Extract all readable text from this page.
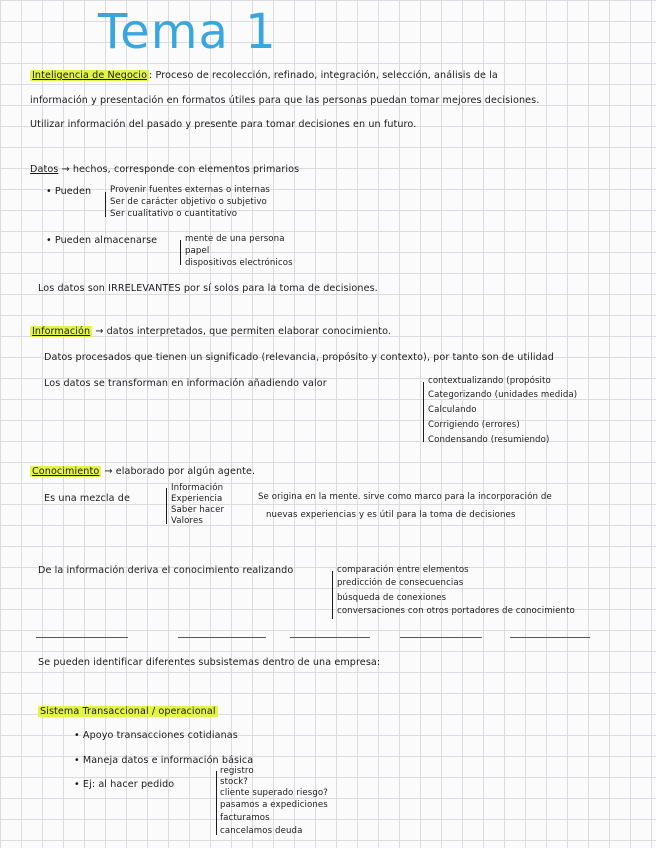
Tema 1
Inteligencia de Negocio : Proceso de recolección, refinado, integración, selección, análisis de la
información y presentación en formatos útiles para que las personas puedan tomar mejores decisiones.
Utilizar información del pasado y presente para tomar decisiones en un futuro.
Datos → hechos, corresponde con elementos primarios
• Pueden Provenir fuentes externas o internas
Ser de carácter objetivo o subjetivo
Ser cualitativo o cuantitativo
• Pueden almacenarse	mente de una persona
papel
dispositivos electrónicos
Los datos son IRRELEVANTES por sí solos para la toma de decisiones.
Información → datos interpretados, que permiten elaborar conocimiento.
Datos procesados que tienen un significado (relevancia, propósito y contexto), por tanto son de utilidad
Los datos se transforman en información añadiendo valor	contextualizando (propósito
Categorizando (unidades medida)
Calculando
Corrigiendo (errores)
Condensando (resumiendo)
Conocimiento → elaborado por algún agente.
Es una mezcla de
Información
Experiencia
Saber hacer
Valores
Se origina en la mente. sirve como marco para la incorporación de
nuevas experiencias y es útil para la toma de decisiones
De la información deriva el conocimiento realizando	comparación entre elementos
predicción de consecuencias
búsqueda de conexiones
conversaciones con otros portadores de conocimiento
Se pueden identificar diferentes subsistemas dentro de una empresa:
Sistema Transaccional / operacional
• Apoyo transacciones cotidianas
• Maneja datos e información básica
• Ej: al hacer pedido
registro
stock?
cliente superado riesgo?
pasamos a expediciones
facturamos
cancelamos deuda
